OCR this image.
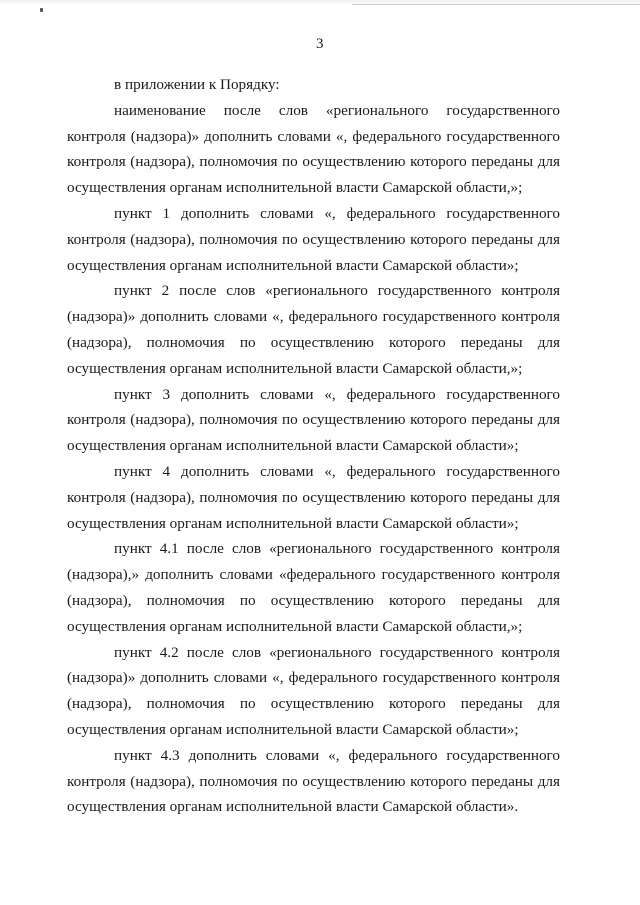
3

в приложении к Порядку:

наименование после слов «регионального государственного контроля (надзора)» дополнить словами «, федерального государственного контроля (надзора), полномочия по осуществлению которого переданы для осуществления органам исполнительной власти Самарской области,»;

пункт 1 дополнить словами «, федерального государственного контроля (надзора), полномочия по осуществлению которого переданы для осуществления органам исполнительной власти Самарской области»;

пункт 2 после слов «регионального государственного контроля (надзора)» дополнить словами «, федерального государственного контроля (надзора), полномочия по осуществлению которого переданы для осуществления органам исполнительной власти Самарской области,»;

пункт 3 дополнить словами «, федерального государственного контроля (надзора), полномочия по осуществлению которого переданы для осуществления органам исполнительной власти Самарской области»;

пункт 4 дополнить словами «, федерального государственного контроля (надзора), полномочия по осуществлению которого переданы для осуществления органам исполнительной власти Самарской области»;

пункт 4.1 после слов «регионального государственного контроля (надзора),» дополнить словами «федерального государственного контроля (надзора), полномочия по осуществлению которого переданы для осуществления органам исполнительной власти Самарской области,»;

пункт 4.2 после слов «регионального государственного контроля (надзора)» дополнить словами «, федерального государственного контроля (надзора), полномочия по осуществлению которого переданы для осуществления органам исполнительной власти Самарской области»;

пункт 4.3 дополнить словами «, федерального государственного контроля (надзора), полномочия по осуществлению которого переданы для осуществления органам исполнительной власти Самарской области».
